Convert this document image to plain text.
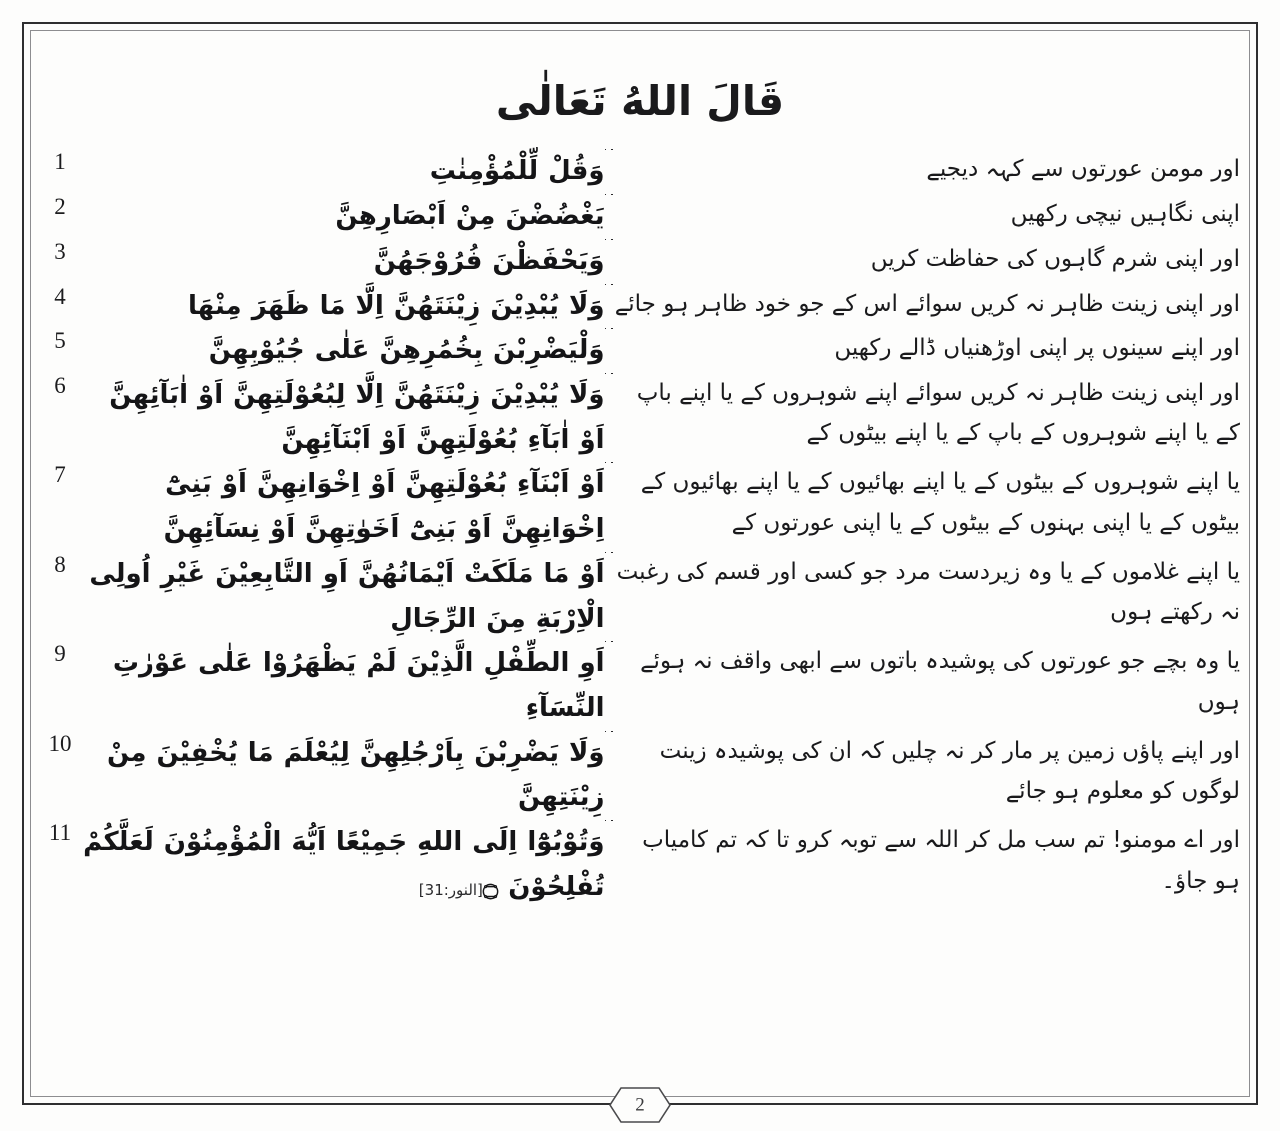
قَالَ اللهُ تَعَالٰى
اور مومن عورتوں سے کہہ دیجیے		وَقُلْ لِّلْمُؤْمِنٰتِ	1
اپنی نگاہیں نیچی رکھیں		يَغْضُضْنَ مِنْ اَبْصَارِهِنَّ	2
اور اپنی شرم گاہوں کی حفاظت کریں		وَيَحْفَظْنَ فُرُوْجَهُنَّ	3
اور اپنی زینت ظاہر نہ کریں سوائے اس کے جو خود ظاہر ہو جائے		وَلَا يُبْدِيْنَ زِيْنَتَهُنَّ اِلَّا مَا ظَهَرَ مِنْهَا	4
اور اپنے سینوں پر اپنی اوڑھنیاں ڈالے رکھیں		وَلْيَضْرِبْنَ بِخُمُرِهِنَّ عَلٰى جُيُوْبِهِنَّ	5
اور اپنی زینت ظاہر نہ کریں سوائے اپنے شوہروں کے یا اپنے باپ کے یا اپنے شوہروں کے باپ کے یا اپنے بیٹوں کے		وَلَا يُبْدِيْنَ زِيْنَتَهُنَّ اِلَّا لِبُعُوْلَتِهِنَّ اَوْ اٰبَآئِهِنَّ اَوْ اٰبَآءِ بُعُوْلَتِهِنَّ اَوْ اَبْنَآئِهِنَّ	6
یا اپنے شوہروں کے بیٹوں کے یا اپنے بھائیوں کے یا اپنے بھائیوں کے بیٹوں کے یا اپنی بہنوں کے بیٹوں کے یا اپنی عورتوں کے		اَوْ اَبْنَآءِ بُعُوْلَتِهِنَّ اَوْ اِخْوَانِهِنَّ اَوْ بَنِىْٓ اِخْوَانِهِنَّ اَوْ بَنِىْٓ اَخَوٰتِهِنَّ اَوْ نِسَآئِهِنَّ	7
یا اپنے غلاموں کے یا وہ زیردست مرد جو کسی اور قسم کی رغبت نہ رکھتے ہوں		اَوْ مَا مَلَكَتْ اَيْمَانُهُنَّ اَوِ التَّابِعِيْنَ غَيْرِ اُولِى الْاِرْبَةِ مِنَ الرِّجَالِ	8
یا وہ بچے جو عورتوں کی پوشیدہ باتوں سے ابھی واقف نہ ہوئے ہوں		اَوِ الطِّفْلِ الَّذِيْنَ لَمْ يَظْهَرُوْا عَلٰى عَوْرٰتِ النِّسَآءِ	9
اور اپنے پاؤں زمین پر مار کر نہ چلیں کہ ان کی پوشیدہ زینت لوگوں کو معلوم ہو جائے		وَلَا يَضْرِبْنَ بِاَرْجُلِهِنَّ لِيُعْلَمَ مَا يُخْفِيْنَ مِنْ زِيْنَتِهِنَّ	10
اور اے مومنو! تم سب مل کر اللہ سے توبہ کرو تا کہ تم کامیاب ہو جاؤ۔		وَتُوْبُوْٓا اِلَى اللهِ جَمِيْعًا اَيُّهَ الْمُؤْمِنُوْنَ لَعَلَّكُمْ تُفْلِحُوْنَ ۝[النور:31]	11
2
